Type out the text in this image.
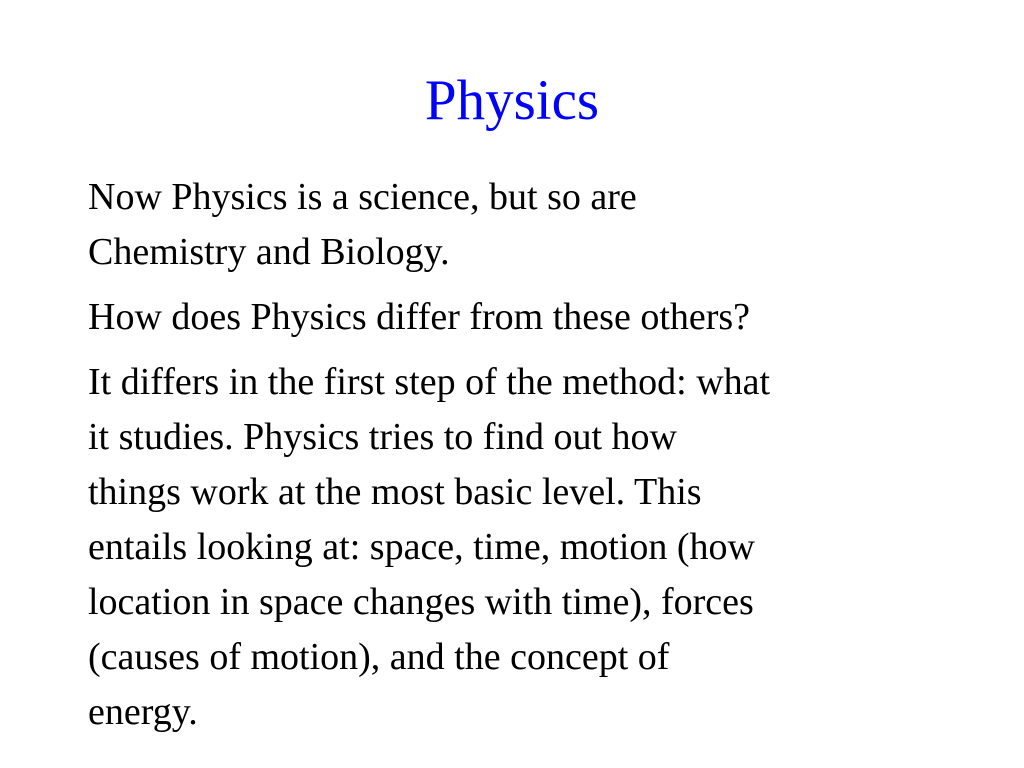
Physics
Now Physics is a science, but so are
Chemistry and Biology.
How does Physics differ from these others?
It differs in the first step of the method: what
it studies. Physics tries to find out how
things work at the most basic level. This
entails looking at: space, time, motion (how
location in space changes with time), forces
(causes of motion), and the concept of
energy.
